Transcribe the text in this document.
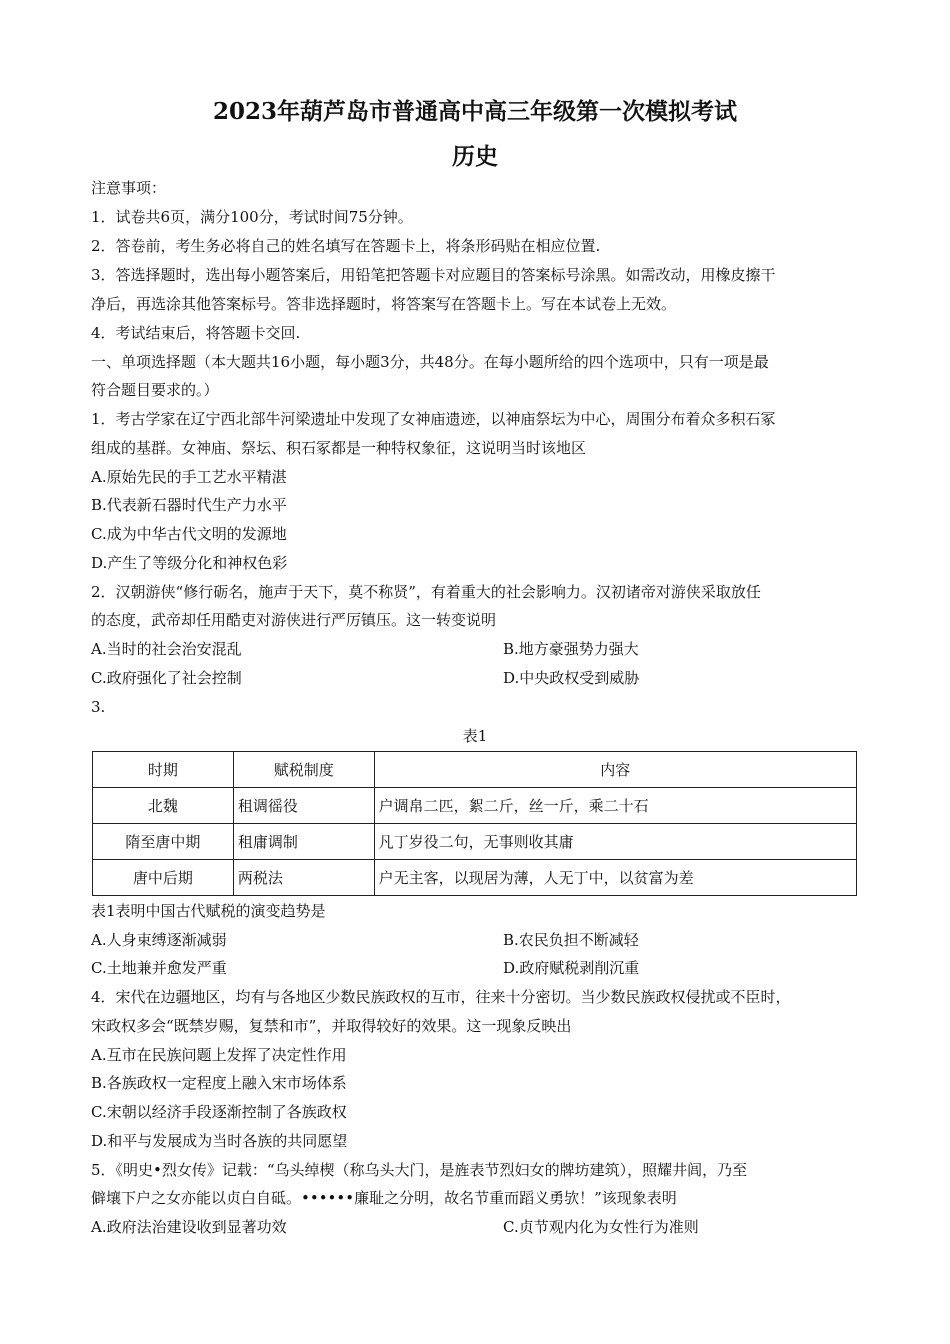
2023年葫芦岛市普通高中高三年级第一次模拟考试
历史
注意事项：
1．试卷共6页，满分100分，考试时间75分钟。
2．答卷前，考生务必将自己的姓名填写在答题卡上，将条形码贴在相应位置.
3．答选择题时，选出每小题答案后，用铅笔把答题卡对应题目的答案标号涂黑。如需改动，用橡皮擦干
净后，再选涂其他答案标号。答非选择题时，将答案写在答题卡上。写在本试卷上无效。
4．考试结束后，将答题卡交回.
一、单项选择题（本大题共16小题，每小题3分，共48分。在每小题所给的四个选项中，只有一项是最
符合题目要求的。）
1．考古学家在辽宁西北部牛河梁遗址中发现了女神庙遗迹，以神庙祭坛为中心，周围分布着众多积石冢
组成的基群。女神庙、祭坛、积石冢都是一种特权象征，这说明当时该地区
A.原始先民的手工艺水平精湛
B.代表新石器时代生产力水平
C.成为中华古代文明的发源地
D.产生了等级分化和神权色彩
2．汉朝游侠“修行砺名，施声于天下，莫不称贤”，有着重大的社会影响力。汉初诸帝对游侠采取放任
的态度，武帝却任用酷吏对游侠进行严厉镇压。这一转变说明
A.当时的社会治安混乱	B.地方豪强势力强大
C.政府强化了社会控制	D.中央政权受到威胁
3.
表1
时期	赋税制度	内容
北魏	租调徭役	户调帛二匹，絮二斤，丝一斤，乘二十石
隋至唐中期	租庸调制	凡丁岁役二句，无事则收其庸
唐中后期	两税法	户无主客，以现居为薄，人无丁中，以贫富为差
表1表明中国古代赋税的演变趋势是
A.人身束缚逐渐减弱	B.农民负担不断减轻
C.土地兼并愈发严重	D.政府赋税剥削沉重
4．宋代在边疆地区，均有与各地区少数民族政权的互市，往来十分密切。当少数民族政权侵扰或不臣时，
宋政权多会“既禁岁赐，复禁和市”，并取得较好的效果。这一现象反映出
A.互市在民族问题上发挥了决定性作用
B.各族政权一定程度上融入宋市场体系
C.宋朝以经济手段逐渐控制了各族政权
D.和平与发展成为当时各族的共同愿望
5．《明史•烈女传》记载：“乌头绰楔（称乌头大门，是旌表节烈妇女的牌坊建筑），照耀井闾，乃至
僻壤下户之女亦能以贞白自砥。••••••廉耻之分明，故名节重而蹈义勇欤！”该现象表明
A.政府法治建设收到显著功效	C.贞节观内化为女性行为准则
